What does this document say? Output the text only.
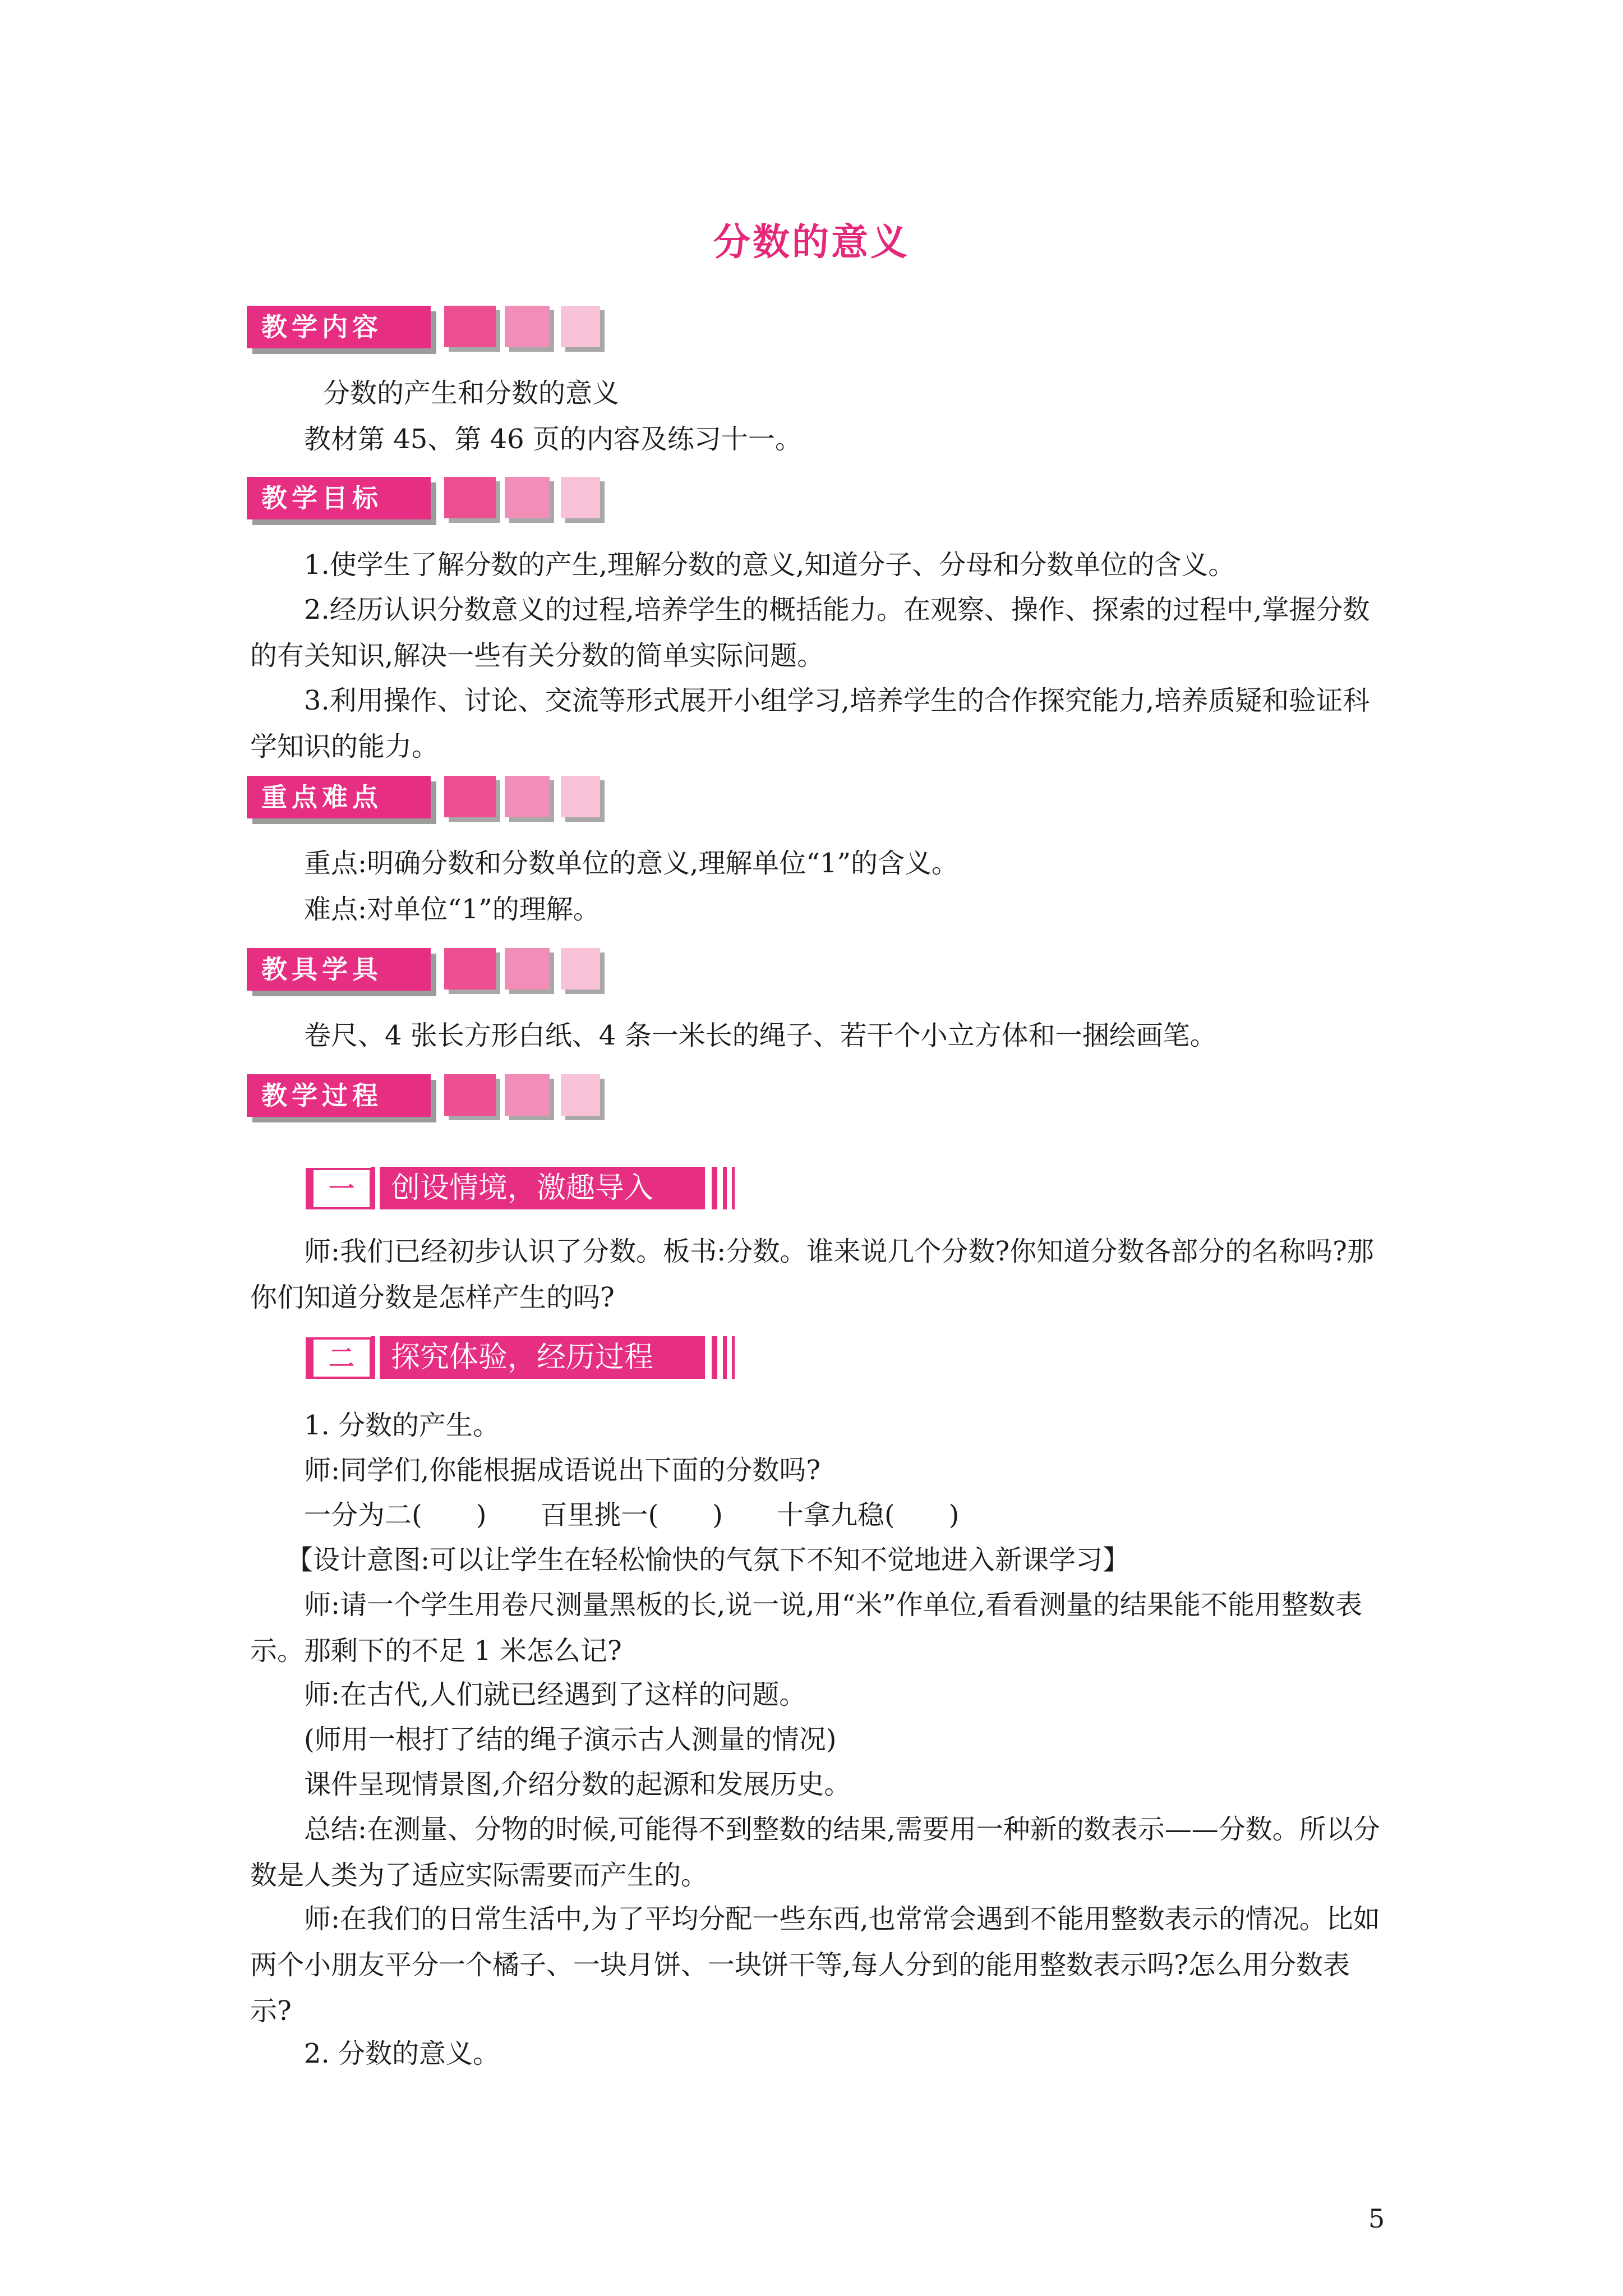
分数的意义
教学内容

分数的产生和分数的意义

教材第 45、第 46 页的内容及练习十一。

教学目标

1.使学生了解分数的产生,理解分数的意义,知道分子、分母和分数单位的含义。

2.经历认识分数意义的过程,培养学生的概括能力。在观察、操作、探索的过程中,掌握分数的有关知识,解决一些有关分数的简单实际问题。

3.利用操作、讨论、交流等形式展开小组学习,培养学生的合作探究能力,培养质疑和验证科学知识的能力。

重点难点

重点:明确分数和分数单位的意义,理解单位“1”的含义。

难点:对单位“1”的理解。

教具学具

卷尺、4 张长方形白纸、4 条一米长的绳子、若干个小立方体和一捆绘画笔。

教学过程
一	创设情境，激趣导入

师:我们已经初步认识了分数。板书:分数。谁来说几个分数?你知道分数各部分的名称吗?那你们知道分数是怎样产生的吗?

二	探究体验，经历过程

1. 分数的产生。

师:同学们,你能根据成语说出下面的分数吗?

一分为二(　　)　　百里挑一(　　)　　十拿九稳(　　)

【设计意图:可以让学生在轻松愉快的气氛下不知不觉地进入新课学习】

师:请一个学生用卷尺测量黑板的长,说一说,用“米”作单位,看看测量的结果能不能用整数表示。那剩下的不足 1 米怎么记?

师:在古代,人们就已经遇到了这样的问题。

(师用一根打了结的绳子演示古人测量的情况)

课件呈现情景图,介绍分数的起源和发展历史。

总结:在测量、分物的时候,可能得不到整数的结果,需要用一种新的数表示——分数。所以分数是人类为了适应实际需要而产生的。

师:在我们的日常生活中,为了平均分配一些东西,也常常会遇到不能用整数表示的情况。比如两个小朋友平分一个橘子、一块月饼、一块饼干等,每人分到的能用整数表示吗?怎么用分数表示?

2. 分数的意义。

5
